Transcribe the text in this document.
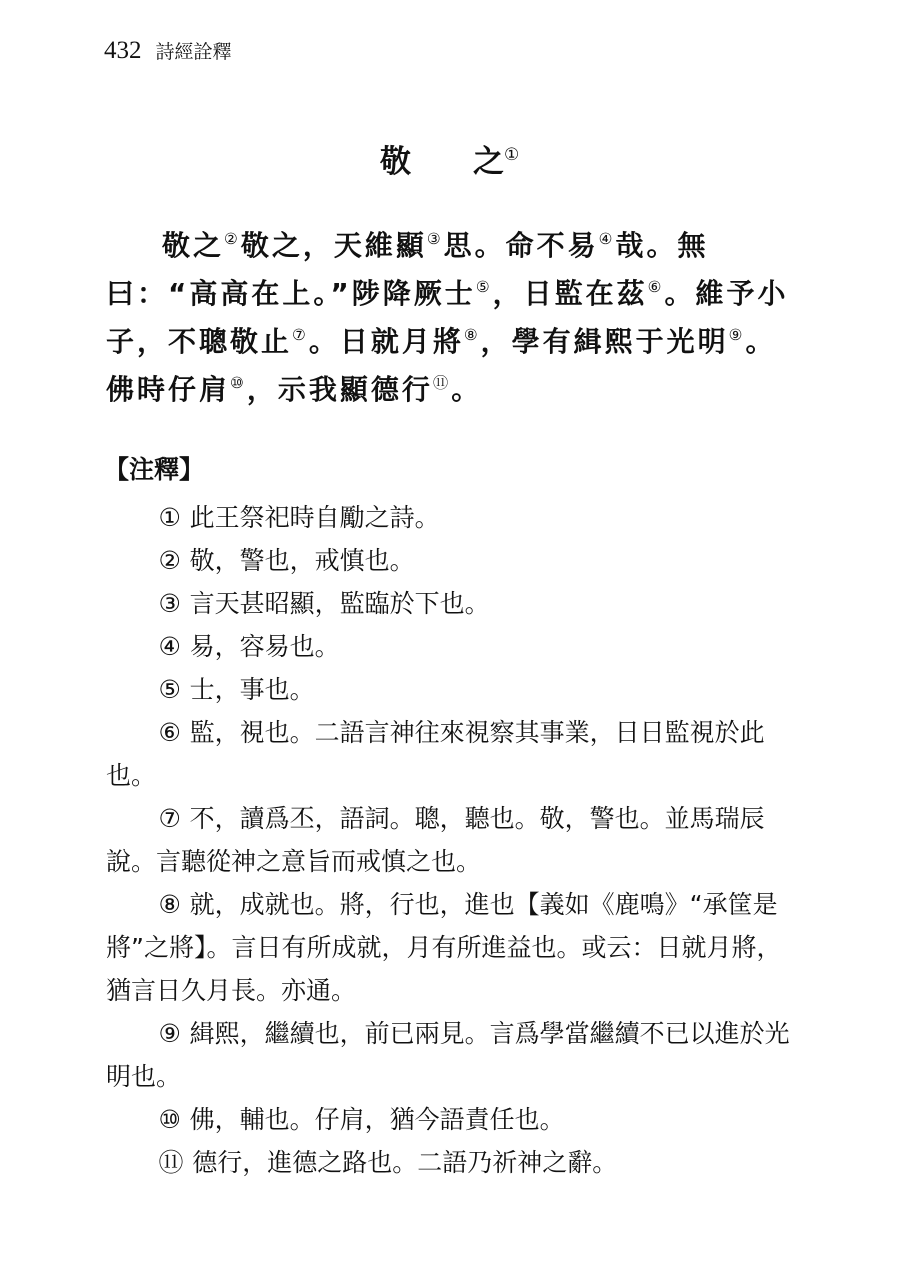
432 詩經詮釋
敬 之①

敬之②敬之，天維顯③思。命不易④哉。無曰：“高高在上。”陟降厥士⑤，日監在茲⑥。維予小子，不聰敬止⑦。日就月將⑧，學有緝熙于光明⑨。佛時仔肩⑩，示我顯德行⑪。

【注釋】

① 此王祭祀時自勵之詩。

② 敬，警也，戒慎也。

③ 言天甚昭顯，監臨於下也。

④ 易，容易也。

⑤ 士，事也。

⑥ 監，視也。二語言神往來視察其事業，日日監視於此也。

⑦ 不，讀爲丕，語詞。聰，聽也。敬，警也。並馬瑞辰說。言聽從神之意旨而戒慎之也。

⑧ 就，成就也。將，行也，進也【義如《鹿鳴》“承筐是將”之將】。言日有所成就，月有所進益也。或云：日就月將，猶言日久月長。亦通。

⑨ 緝熙，繼續也，前已兩見。言爲學當繼續不已以進於光明也。

⑩ 佛，輔也。仔肩，猶今語責任也。

⑪ 德行，進德之路也。二語乃祈神之辭。
